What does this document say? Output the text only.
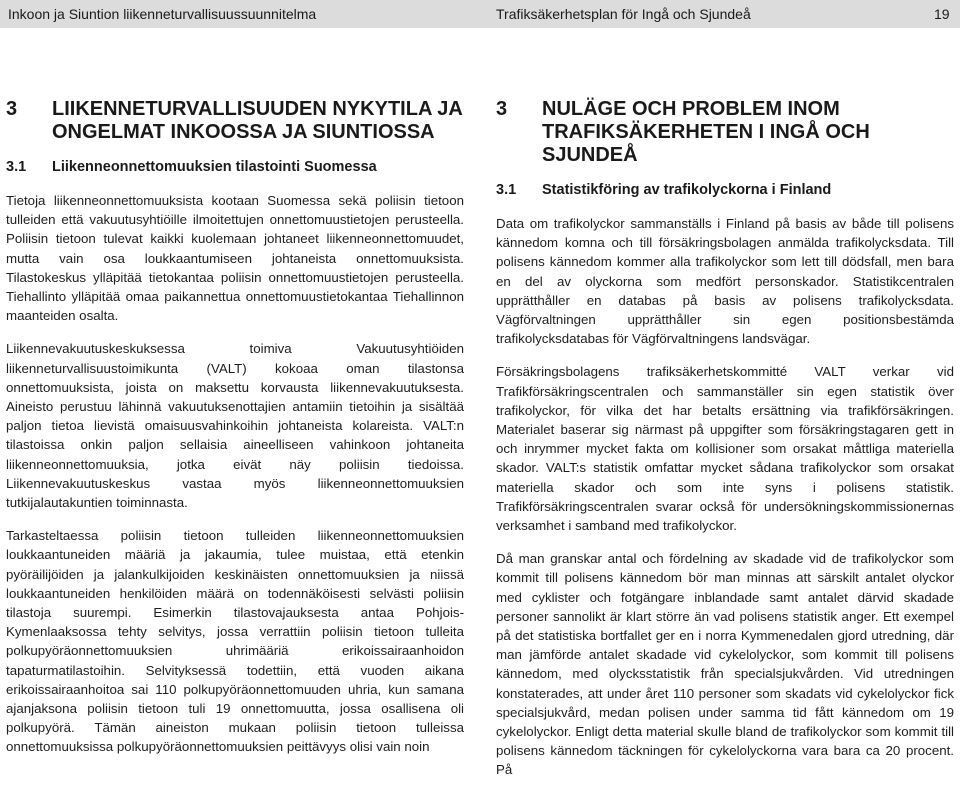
Inkoon ja Siuntion liikenneturvallisuussuunnitelma	Trafiksäkerhetsplan för Ingå och Sjundeå	19
3	LIIKENNETURVALLISUUDEN NYKYTILA JA
ONGELMAT INKOOSSA JA SIUNTIOSSA
3.1	Liikenneonnettomuuksien tilastointi Suomessa

Tietoja liikenneonnettomuuksista kootaan Suomessa sekä poliisin tietoon tulleiden että vakuutusyhtiöille ilmoitettujen onnettomuustietojen perusteella. Poliisin tietoon tulevat kaikki kuolemaan johtaneet liikenneonnettomuudet, mutta vain osa loukkaantumiseen johtaneista onnettomuuksista. Tilastokeskus ylläpitää tietokantaa poliisin onnettomuustietojen perusteella. Tiehallinto ylläpitää omaa paikannettua onnettomuustietokantaa Tiehallinnon maanteiden osalta.

Liikennevakuutuskeskuksessa toimiva Vakuutusyhtiöiden liikenneturvallisuustoimikunta (VALT) kokoaa oman tilastonsa onnettomuuksista, joista on maksettu korvausta liikennevakuutuksesta. Aineisto perustuu lähinnä vakuutuksenottajien antamiin tietoihin ja sisältää paljon tietoa lievistä omaisuusvahinkoihin johtaneista kolareista. VALT:n tilastoissa onkin paljon sellaisia aineelliseen vahinkoon johtaneita liikenneonnettomuuksia, jotka eivät näy poliisin tiedoissa. Liikennevakuutuskeskus vastaa myös liikenneonnettomuuksien tutkijalautakuntien toiminnasta.

Tarkasteltaessa poliisin tietoon tulleiden liikenneonnettomuuksien loukkaantuneiden määriä ja jakaumia, tulee muistaa, että etenkin pyöräilijöiden ja jalankulkijoiden keskinäisten onnettomuuksien ja niissä loukkaantuneiden henkilöiden määrä on todennäköisesti selvästi poliisin tilastoja suurempi. Esimerkin tilastovajauksesta antaa Pohjois-Kymenlaaksossa tehty selvitys, jossa verrattiin poliisin tietoon tulleita polkupyöräonnettomuuksien uhrimääriä erikoissairaanhoidon tapaturmatilastoihin. Selvityksessä todettiin, että vuoden aikana erikoissairaanhoitoa sai 110 polkupyöräonnettomuuden uhria, kun samana ajanjaksona poliisin tietoon tuli 19 onnettomuutta, jossa osallisena oli polkupyörä. Tämän aineiston mukaan poliisin tietoon tulleissa onnettomuuksissa polkupyöräonnettomuuksien peittävyys olisi vain noin

3	NULÄGE OCH PROBLEM INOM
TRAFIKSÄKERHETEN I INGÅ OCH SJUNDEÅ
3.1	Statistikföring av trafikolyckorna i Finland

Data om trafikolyckor sammanställs i Finland på basis av både till polisens kännedom komna och till försäkringsbolagen anmälda trafikolycksdata. Till polisens kännedom kommer alla trafikolyckor som lett till dödsfall, men bara en del av olyckorna som medfört personskador. Statistikcentralen upprätthåller en databas på basis av polisens trafikolycksdata. Vägförvaltningen upprätthåller sin egen positionsbestämda trafikolycksdatabas för Vägförvaltningens landsvägar.

Försäkringsbolagens trafiksäkerhetskommitté VALT verkar vid Trafikförsäkringscentralen och sammanställer sin egen statistik över trafikolyckor, för vilka det har betalts ersättning via trafikförsäkringen. Materialet baserar sig närmast på uppgifter som försäkringstagaren gett in och inrymmer mycket fakta om kollisioner som orsakat måttliga materiella skador. VALT:s statistik omfattar mycket sådana trafikolyckor som orsakat materiella skador och som inte syns i polisens statistik. Trafikförsäkringscentralen svarar också för undersökningskommissionernas verksamhet i samband med trafikolyckor.

Då man granskar antal och fördelning av skadade vid de trafikolyckor som kommit till polisens kännedom bör man minnas att särskilt antalet olyckor med cyklister och fotgängare inblandade samt antalet därvid skadade personer sannolikt är klart större än vad polisens statistik anger. Ett exempel på det statistiska bortfallet ger en i norra Kymmenedalen gjord utredning, där man jämförde antalet skadade vid cykelolyckor, som kommit till polisens kännedom, med olycksstatistik från specialsjukvården. Vid utredningen konstaterades, att under året 110 personer som skadats vid cykelolyckor fick specialsjukvård, medan polisen under samma tid fått kännedom om 19 cykelolyckor. Enligt detta material skulle bland de trafikolyckor som kommit till polisens kännedom täckningen för cykelolyckorna vara bara ca 20 procent. På
